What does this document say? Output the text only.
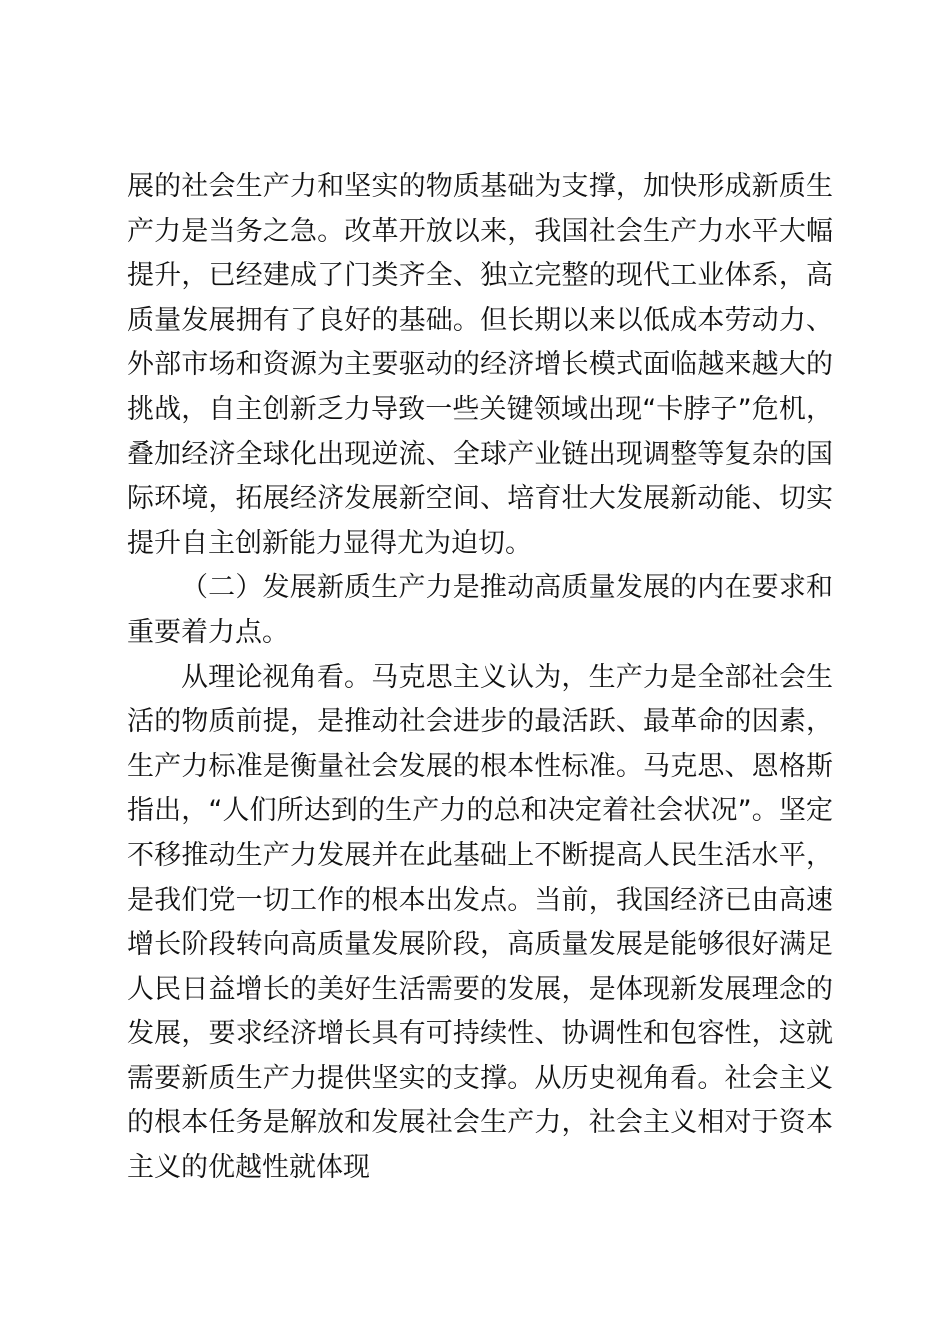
展的社会生产力和坚实的物质基础为支撑，加快形成新质生产力是当务之急。改革开放以来，我国社会生产力水平大幅提升，已经建成了门类齐全、独立完整的现代工业体系，高质量发展拥有了良好的基础。但长期以来以低成本劳动力、外部市场和资源为主要驱动的经济增长模式面临越来越大的挑战，自主创新乏力导致一些关键领域出现“卡脖子”危机，叠加经济全球化出现逆流、全球产业链出现调整等复杂的国际环境，拓展经济发展新空间、培育壮大发展新动能、切实提升自主创新能力显得尤为迫切。

（二）发展新质生产力是推动高质量发展的内在要求和重要着力点。

从理论视角看。马克思主义认为，生产力是全部社会生活的物质前提，是推动社会进步的最活跃、最革命的因素，生产力标准是衡量社会发展的根本性标准。马克思、恩格斯指出，“人们所达到的生产力的总和决定着社会状况”。坚定不移推动生产力发展并在此基础上不断提高人民生活水平，是我们党一切工作的根本出发点。当前，我国经济已由高速增长阶段转向高质量发展阶段，高质量发展是能够很好满足人民日益增长的美好生活需要的发展，是体现新发展理念的发展，要求经济增长具有可持续性、协调性和包容性，这就需要新质生产力提供坚实的支撑。从历史视角看。社会主义的根本任务是解放和发展社会生产力，社会主义相对于资本主义的优越性就体现
